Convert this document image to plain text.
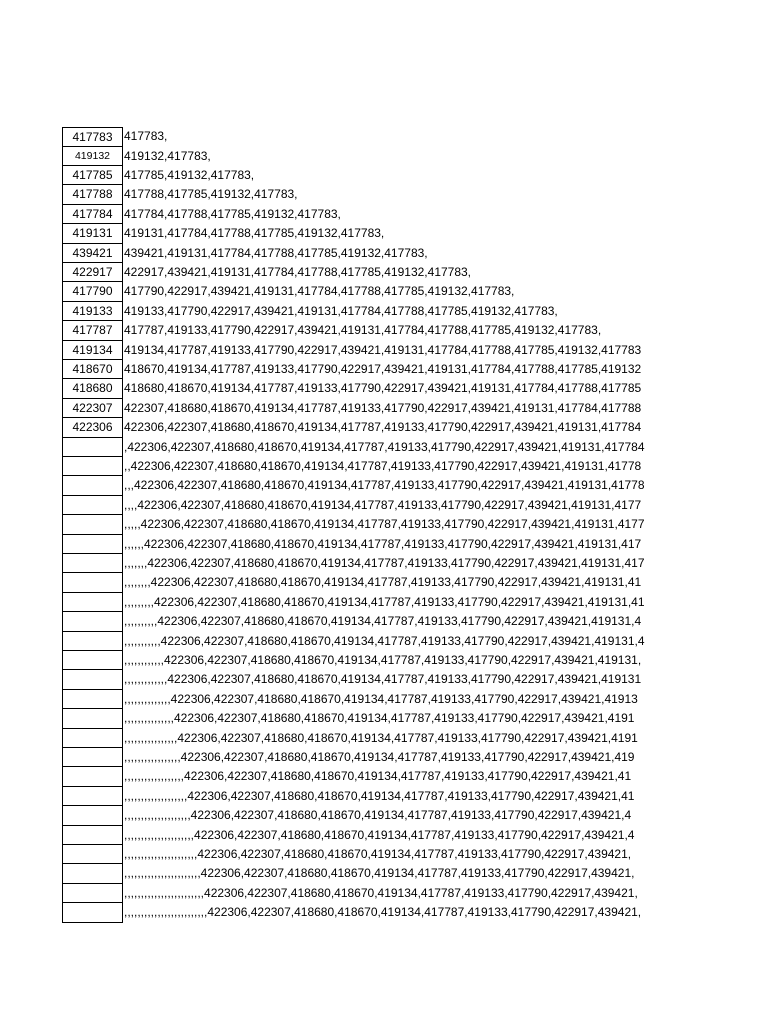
417783 417783,
419132	419132,417783,
417785 417785,419132,417783,
417788 417788,417785,419132,417783,
417784 417784,417788,417785,419132,417783,
419131 419131,417784,417788,417785,419132,417783,
439421 439421,419131,417784,417788,417785,419132,417783,
422917 422917,439421,419131,417784,417788,417785,419132,417783,
417790 417790,422917,439421,419131,417784,417788,417785,419132,417783,
419133 419133,417790,422917,439421,419131,417784,417788,417785,419132,417783,
417787 417787,419133,417790,422917,439421,419131,417784,417788,417785,419132,417783,
419134 419134,417787,419133,417790,422917,439421,419131,417784,417788,417785,419132,417783
418670 418670,419134,417787,419133,417790,422917,439421,419131,417784,417788,417785,419132
418680 418680,418670,419134,417787,419133,417790,422917,439421,419131,417784,417788,417785
422307 422307,418680,418670,419134,417787,419133,417790,422917,439421,419131,417784,417788
422306 422306,422307,418680,418670,419134,417787,419133,417790,422917,439421,419131,417784
,422306,422307,418680,418670,419134,417787,419133,417790,422917,439421,419131,417784
,,422306,422307,418680,418670,419134,417787,419133,417790,422917,439421,419131,41778
,,,422306,422307,418680,418670,419134,417787,419133,417790,422917,439421,419131,41778
,,,,422306,422307,418680,418670,419134,417787,419133,417790,422917,439421,419131,4177
,,,,,422306,422307,418680,418670,419134,417787,419133,417790,422917,439421,419131,4177
,,,,,,422306,422307,418680,418670,419134,417787,419133,417790,422917,439421,419131,417
,,,,,,,422306,422307,418680,418670,419134,417787,419133,417790,422917,439421,419131,417
,,,,,,,,422306,422307,418680,418670,419134,417787,419133,417790,422917,439421,419131,41
,,,,,,,,,422306,422307,418680,418670,419134,417787,419133,417790,422917,439421,419131,41
,,,,,,,,,,422306,422307,418680,418670,419134,417787,419133,417790,422917,439421,419131,4
,,,,,,,,,,,422306,422307,418680,418670,419134,417787,419133,417790,422917,439421,419131,4
,,,,,,,,,,,,422306,422307,418680,418670,419134,417787,419133,417790,422917,439421,419131,
,,,,,,,,,,,,,422306,422307,418680,418670,419134,417787,419133,417790,422917,439421,419131
,,,,,,,,,,,,,,422306,422307,418680,418670,419134,417787,419133,417790,422917,439421,41913
,,,,,,,,,,,,,,,422306,422307,418680,418670,419134,417787,419133,417790,422917,439421,4191
,,,,,,,,,,,,,,,,422306,422307,418680,418670,419134,417787,419133,417790,422917,439421,4191
,,,,,,,,,,,,,,,,,422306,422307,418680,418670,419134,417787,419133,417790,422917,439421,419
,,,,,,,,,,,,,,,,,,422306,422307,418680,418670,419134,417787,419133,417790,422917,439421,41
,,,,,,,,,,,,,,,,,,,422306,422307,418680,418670,419134,417787,419133,417790,422917,439421,41
,,,,,,,,,,,,,,,,,,,,422306,422307,418680,418670,419134,417787,419133,417790,422917,439421,4
,,,,,,,,,,,,,,,,,,,,,422306,422307,418680,418670,419134,417787,419133,417790,422917,439421,4
,,,,,,,,,,,,,,,,,,,,,,422306,422307,418680,418670,419134,417787,419133,417790,422917,439421,
,,,,,,,,,,,,,,,,,,,,,,,422306,422307,418680,418670,419134,417787,419133,417790,422917,439421,
,,,,,,,,,,,,,,,,,,,,,,,,422306,422307,418680,418670,419134,417787,419133,417790,422917,439421,
,,,,,,,,,,,,,,,,,,,,,,,,,422306,422307,418680,418670,419134,417787,419133,417790,422917,439421,
